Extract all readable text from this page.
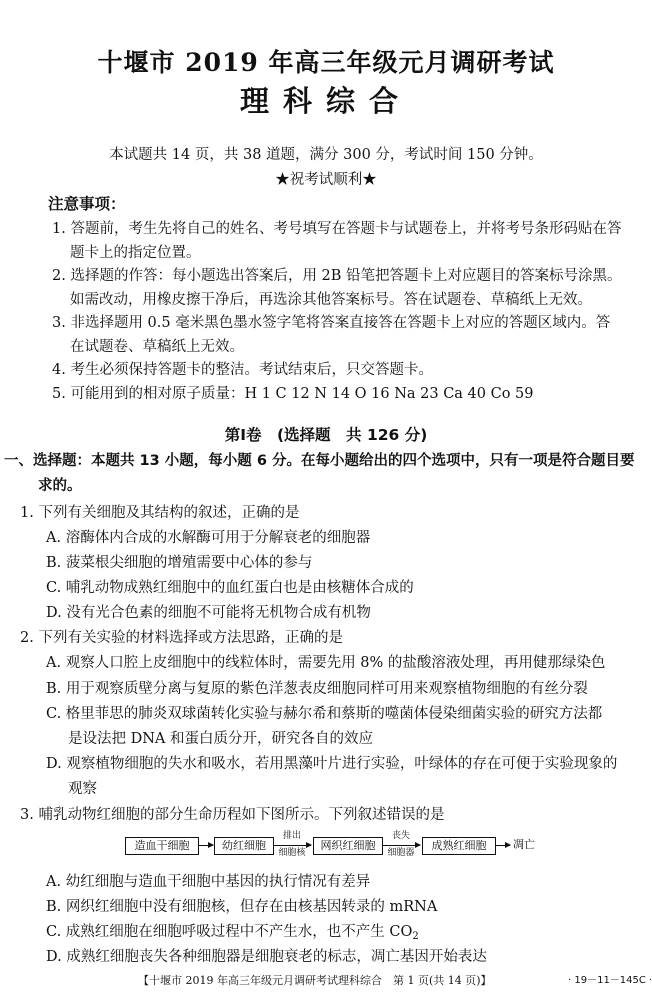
十堰市 2019 年高三年级元月调研考试
理科综合
本试题共 14 页，共 38 道题，满分 300 分，考试时间 150 分钟。
★祝考试顺利★
注意事项：
1. 答题前，考生先将自己的姓名、考号填写在答题卡与试题卷上，并将考号条形码贴在答
题卡上的指定位置。
2. 选择题的作答：每小题选出答案后，用 2B 铅笔把答题卡上对应题目的答案标号涂黑。
如需改动，用橡皮擦干净后，再选涂其他答案标号。答在试题卷、草稿纸上无效。
3. 非选择题用 0.5 毫米黑色墨水签字笔将答案直接答在答题卡上对应的答题区域内。答
在试题卷、草稿纸上无效。
4. 考生必须保持答题卡的整洁。考试结束后，只交答题卡。
5. 可能用到的相对原子质量：H 1 C 12 N 14 O 16 Na 23 Ca 40 Co 59
第Ⅰ卷　(选择题　共 126 分)
一、选择题：本题共 13 小题，每小题 6 分。在每小题给出的四个选项中，只有一项是符合题目要
求的。
1. 下列有关细胞及其结构的叙述，正确的是
A. 溶酶体内合成的水解酶可用于分解衰老的细胞器
B. 菠菜根尖细胞的增殖需要中心体的参与
C. 哺乳动物成熟红细胞中的血红蛋白也是由核糖体合成的
D. 没有光合色素的细胞不可能将无机物合成有机物
2. 下列有关实验的材料选择或方法思路，正确的是
A. 观察人口腔上皮细胞中的线粒体时，需要先用 8% 的盐酸溶液处理，再用健那绿染色
B. 用于观察质壁分离与复原的紫色洋葱表皮细胞同样可用来观察植物细胞的有丝分裂
C. 格里菲思的肺炎双球菌转化实验与赫尔希和蔡斯的噬菌体侵染细菌实验的研究方法都
是设法把 DNA 和蛋白质分开，研究各自的效应
D. 观察植物细胞的失水和吸水，若用黑藻叶片进行实验，叶绿体的存在可便于实验现象的
观察
3. 哺乳动物红细胞的部分生命历程如下图所示。下列叙述错误的是
造血干细胞	幼红细胞
排出
细胞核
网织红细胞
丧失
细胞器
成熟红细胞	凋亡
A. 幼红细胞与造血干细胞中基因的执行情况有差异
B. 网织红细胞中没有细胞核，但存在由核基因转录的 mRNA
C. 成熟红细胞在细胞呼吸过程中不产生水，也不产生 $CO_2$
D. 成熟红细胞丧失各种细胞器是细胞衰老的标志，凋亡基因开始表达
【十堰市 2019 年高三年级元月调研考试理科综合　第 1 页(共 14 页)】	· 19－11－145C ·
